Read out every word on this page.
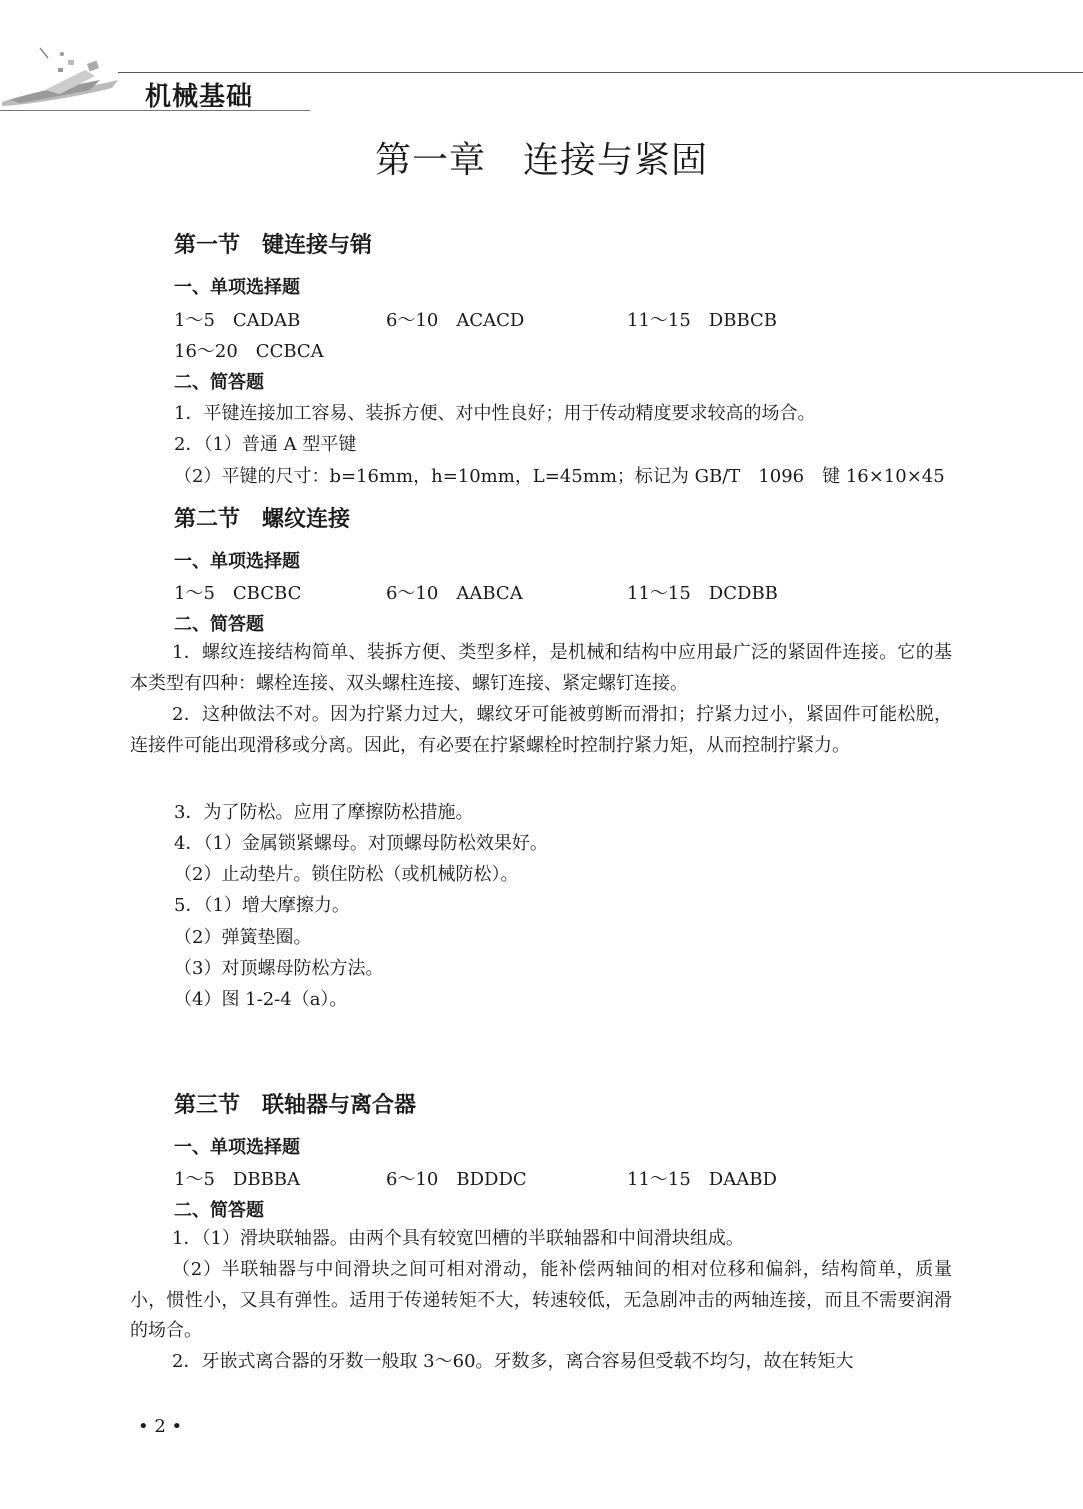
机械基础
第一章　连接与紧固
第一节　键连接与销
一、单项选择题
1～5　CADAB	6～10　ACACD	11～15　DBBCB
16～20　CCBCA
二、简答题
1．平键连接加工容易、装拆方便、对中性良好；用于传动精度要求较高的场合。
2．（1）普通 A 型平键
（2）平键的尺寸：b=16mm，h=10mm，L=45mm；标记为 GB/T　1096　键 16×10×45
第二节　螺纹连接
一、单项选择题
1～5　CBCBC	6～10　AABCA	11～15　DCDBB
二、简答题
1．螺纹连接结构简单、装拆方便、类型多样，是机械和结构中应用最广泛的紧固件连接。它的基本类型有四种：螺栓连接、双头螺柱连接、螺钉连接、紧定螺钉连接。
2．这种做法不对。因为拧紧力过大，螺纹牙可能被剪断而滑扣；拧紧力过小，紧固件可能松脱，连接件可能出现滑移或分离。因此，有必要在拧紧螺栓时控制拧紧力矩，从而控制拧紧力。
3．为了防松。应用了摩擦防松措施。
4．（1）金属锁紧螺母。对顶螺母防松效果好。
（2）止动垫片。锁住防松（或机械防松）。
5．（1）增大摩擦力。
（2）弹簧垫圈。
（3）对顶螺母防松方法。
（4）图 1-2-4（a）。
第三节　联轴器与离合器
一、单项选择题
1～5　DBBBA	6～10　BDDDC	11～15　DAABD
二、简答题
1．（1）滑块联轴器。由两个具有较宽凹槽的半联轴器和中间滑块组成。
（2）半联轴器与中间滑块之间可相对滑动，能补偿两轴间的相对位移和偏斜，结构简单，质量小，惯性小，又具有弹性。适用于传递转矩不大，转速较低，无急剧冲击的两轴连接，而且不需要润滑的场合。
2．牙嵌式离合器的牙数一般取 3～60。牙数多，离合容易但受载不均匀，故在转矩大
• 2 •
